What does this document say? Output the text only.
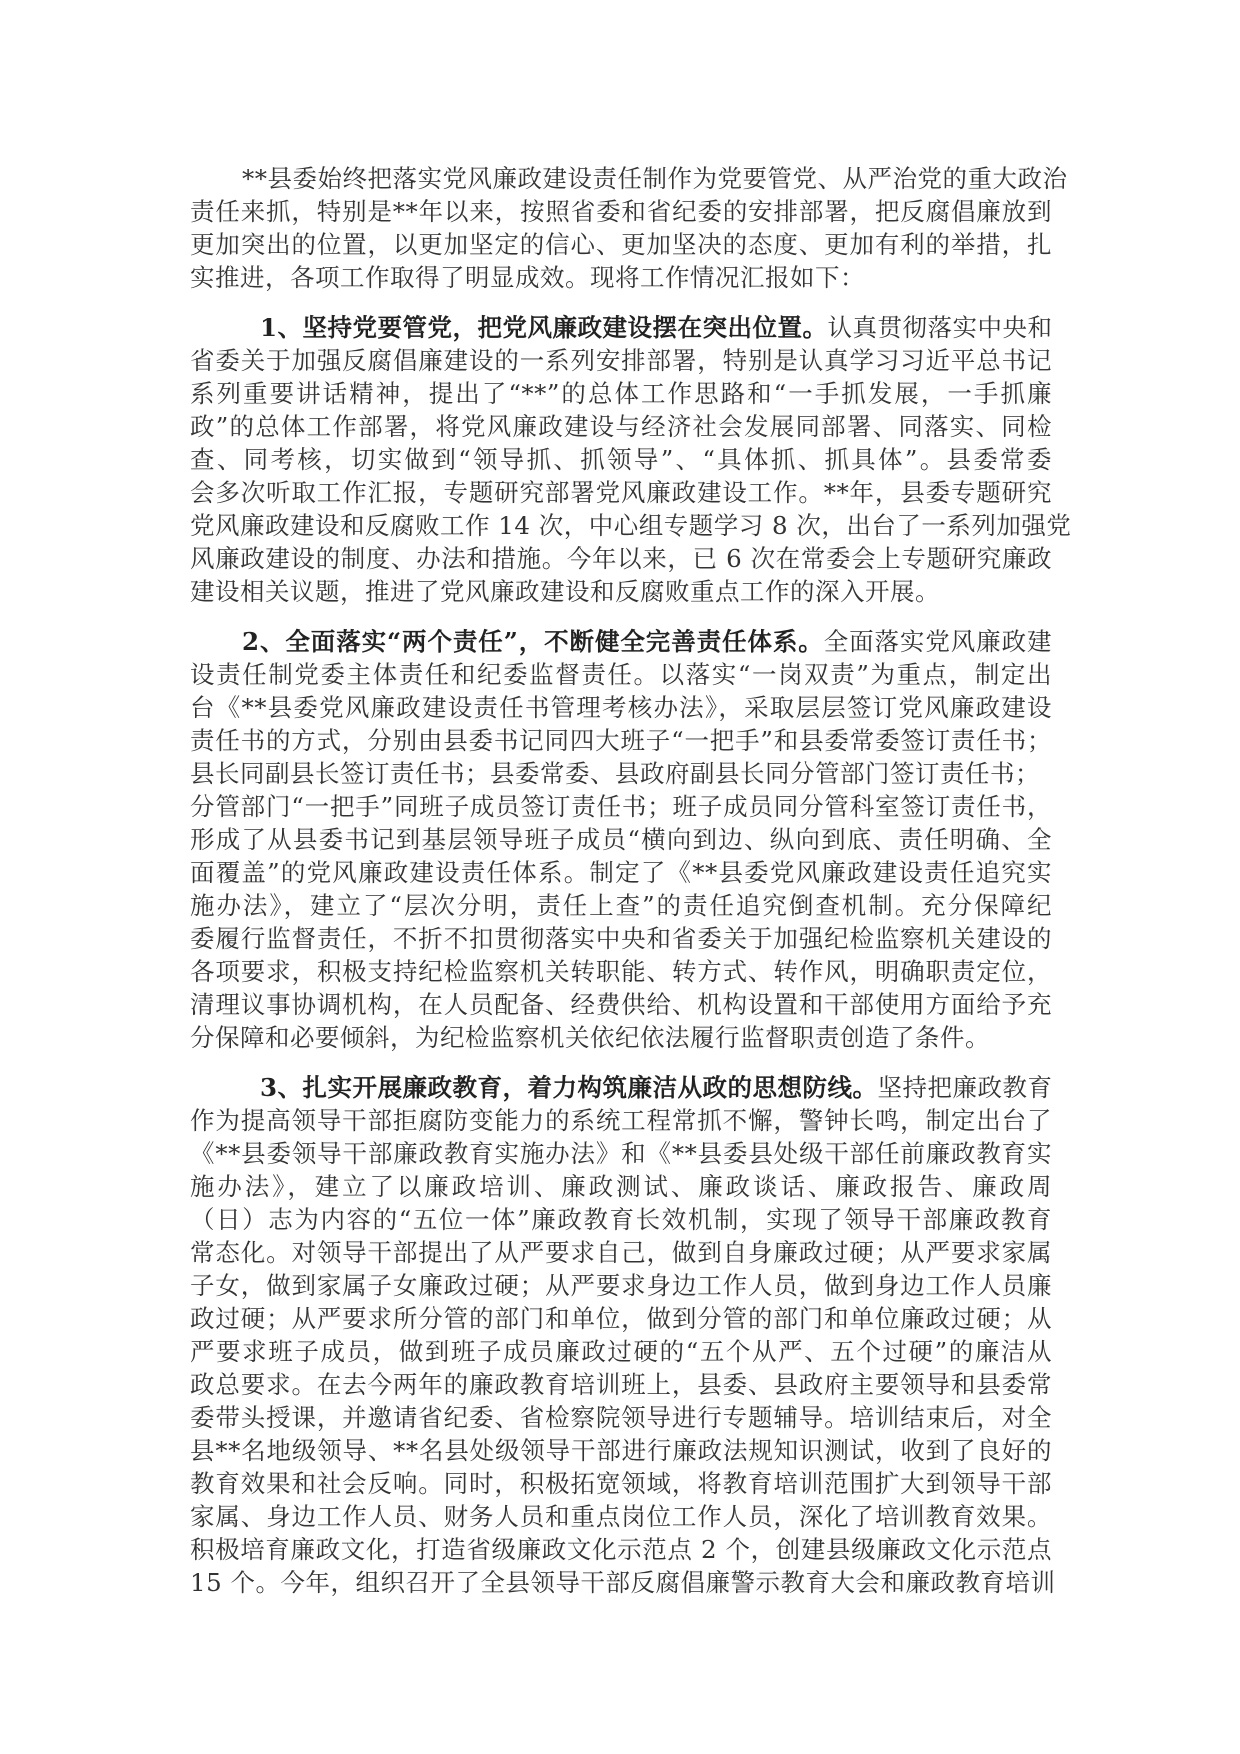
**县委始终把落实党风廉政建设责任制作为党要管党、从严治党的重大政治
责任来抓，特别是**年以来，按照省委和省纪委的安排部署，把反腐倡廉放到
更加突出的位置，以更加坚定的信心、更加坚决的态度、更加有利的举措，扎
实推进，各项工作取得了明显成效。现将工作情况汇报如下：
1、坚持党要管党，把党风廉政建设摆在突出位置。认真贯彻落实中央和
省委关于加强反腐倡廉建设的一系列安排部署，特别是认真学习习近平总书记
系列重要讲话精神，提出了“**”的总体工作思路和“一手抓发展，一手抓廉
政”的总体工作部署，将党风廉政建设与经济社会发展同部署、同落实、同检
查、同考核，切实做到“领导抓、抓领导”、“具体抓、抓具体”。县委常委
会多次听取工作汇报，专题研究部署党风廉政建设工作。**年，县委专题研究
党风廉政建设和反腐败工作 14 次，中心组专题学习 8 次，出台了一系列加强党
风廉政建设的制度、办法和措施。今年以来，已 6 次在常委会上专题研究廉政
建设相关议题，推进了党风廉政建设和反腐败重点工作的深入开展。
2、全面落实“两个责任”，不断健全完善责任体系。全面落实党风廉政建
设责任制党委主体责任和纪委监督责任。以落实“一岗双责”为重点，制定出
台《**县委党风廉政建设责任书管理考核办法》，采取层层签订党风廉政建设
责任书的方式，分别由县委书记同四大班子“一把手”和县委常委签订责任书；
县长同副县长签订责任书；县委常委、县政府副县长同分管部门签订责任书；
分管部门“一把手”同班子成员签订责任书；班子成员同分管科室签订责任书，
形成了从县委书记到基层领导班子成员“横向到边、纵向到底、责任明确、全
面覆盖”的党风廉政建设责任体系。制定了《**县委党风廉政建设责任追究实
施办法》，建立了“层次分明，责任上查”的责任追究倒查机制。充分保障纪
委履行监督责任，不折不扣贯彻落实中央和省委关于加强纪检监察机关建设的
各项要求，积极支持纪检监察机关转职能、转方式、转作风，明确职责定位，
清理议事协调机构，在人员配备、经费供给、机构设置和干部使用方面给予充
分保障和必要倾斜，为纪检监察机关依纪依法履行监督职责创造了条件。
3、扎实开展廉政教育，着力构筑廉洁从政的思想防线。坚持把廉政教育
作为提高领导干部拒腐防变能力的系统工程常抓不懈，警钟长鸣，制定出台了
《**县委领导干部廉政教育实施办法》和《**县委县处级干部任前廉政教育实
施办法》，建立了以廉政培训、廉政测试、廉政谈话、廉政报告、廉政周
（日）志为内容的“五位一体”廉政教育长效机制，实现了领导干部廉政教育
常态化。对领导干部提出了从严要求自己，做到自身廉政过硬；从严要求家属
子女，做到家属子女廉政过硬；从严要求身边工作人员，做到身边工作人员廉
政过硬；从严要求所分管的部门和单位，做到分管的部门和单位廉政过硬；从
严要求班子成员，做到班子成员廉政过硬的“五个从严、五个过硬”的廉洁从
政总要求。在去今两年的廉政教育培训班上，县委、县政府主要领导和县委常
委带头授课，并邀请省纪委、省检察院领导进行专题辅导。培训结束后，对全
县**名地级领导、**名县处级领导干部进行廉政法规知识测试，收到了良好的
教育效果和社会反响。同时，积极拓宽领域，将教育培训范围扩大到领导干部
家属、身边工作人员、财务人员和重点岗位工作人员，深化了培训教育效果。
积极培育廉政文化，打造省级廉政文化示范点 2 个，创建县级廉政文化示范点
15 个。今年，组织召开了全县领导干部反腐倡廉警示教育大会和廉政教育培训
